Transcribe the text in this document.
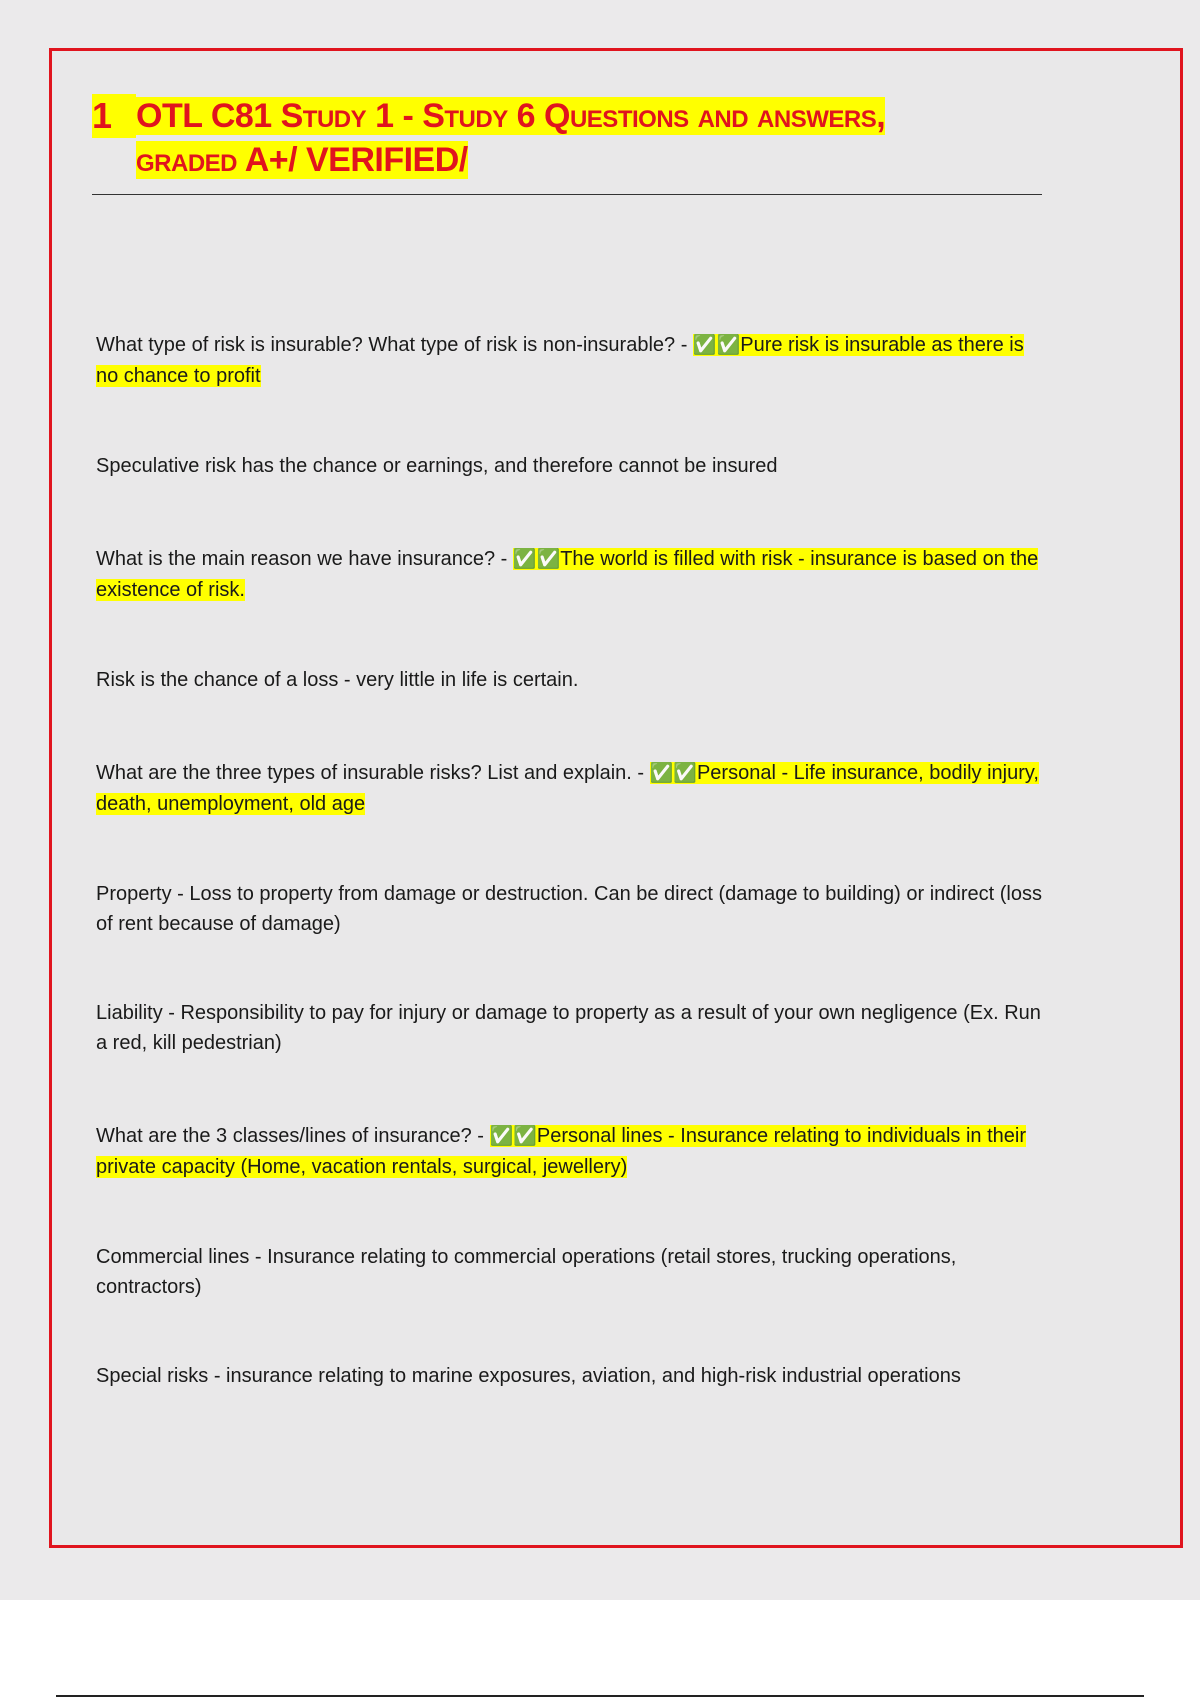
1 OTL C81 Study 1 - Study 6 Questions and answers,
graded A+/ VERIFIED/
What type of risk is insurable? What type of risk is non-insurable? - ✅✅Pure risk is insurable as there is no chance to profit
Speculative risk has the chance or earnings, and therefore cannot be insured
What is the main reason we have insurance? - ✅✅The world is filled with risk - insurance is based on the existence of risk.
Risk is the chance of a loss - very little in life is certain.
What are the three types of insurable risks? List and explain. - ✅✅Personal - Life insurance, bodily injury, death, unemployment, old age
Property - Loss to property from damage or destruction. Can be direct (damage to building) or indirect (loss of rent because of damage)
Liability - Responsibility to pay for injury or damage to property as a result of your own negligence (Ex. Run a red, kill pedestrian)
What are the 3 classes/lines of insurance? - ✅✅Personal lines - Insurance relating to individuals in their private capacity (Home, vacation rentals, surgical, jewellery)
Commercial lines - Insurance relating to commercial operations (retail stores, trucking operations, contractors)
Special risks - insurance relating to marine exposures, aviation, and high-risk industrial operations
